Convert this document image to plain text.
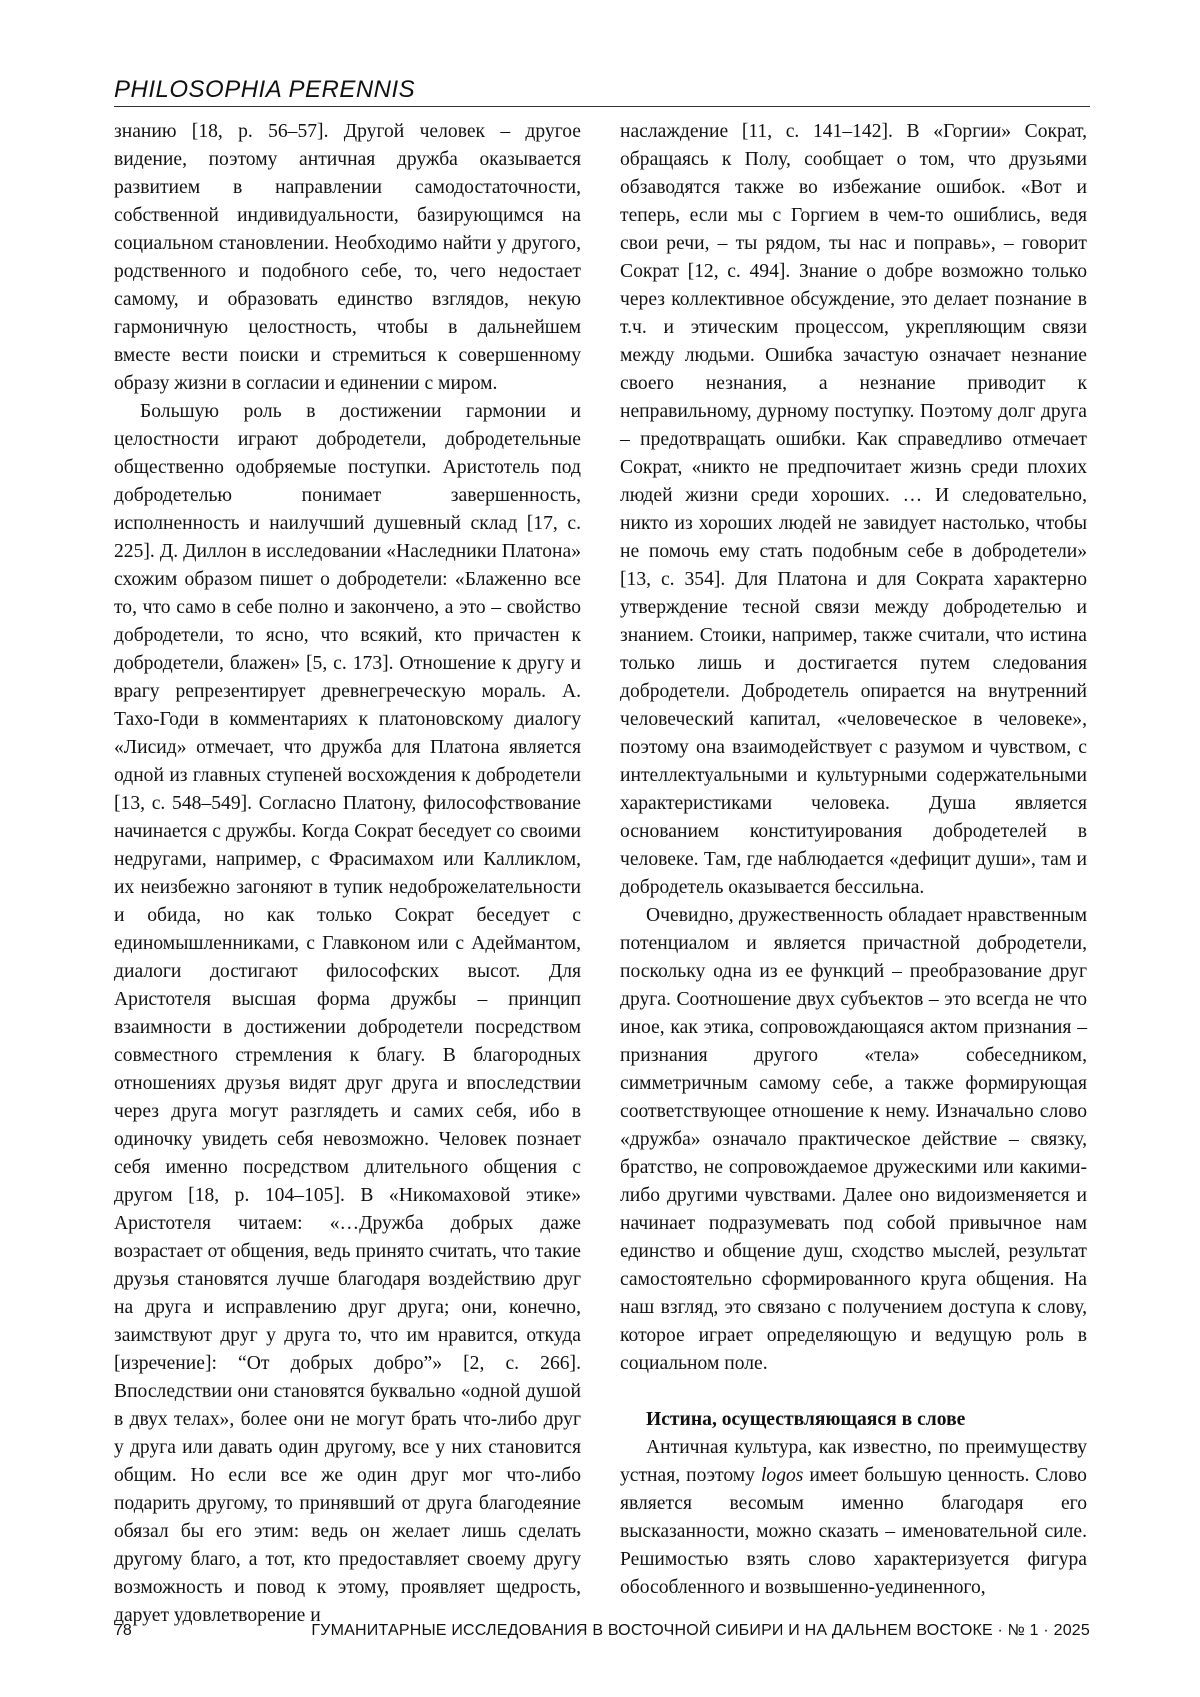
PHILOSOPHIA PERENNIS

знанию [18, p. 56–57]. Другой человек – другое видение, поэтому античная дружба оказывается развитием в направлении самодостаточности, собственной индивидуальности, базирующимся на социальном становлении. Необходимо найти у другого, родственного и подобного себе, то, чего недостает самому, и образовать единство взглядов, некую гармоничную целостность, чтобы в дальнейшем вместе вести поиски и стремиться к совершенному образу жизни в согласии и единении с миром.

Большую роль в достижении гармонии и целостности играют добродетели, добродетельные общественно одобряемые поступки. Аристотель под добродетелью понимает завершенность, исполненность и наилучший душевный склад [17, c. 225]. Д. Диллон в исследовании «Наследники Платона» схожим образом пишет о добродетели: «Блаженно все то, что само в себе полно и закончено, а это – свойство добродетели, то ясно, что всякий, кто причастен к добродетели, блажен» [5, c. 173]. Отношение к другу и врагу репрезентирует древнегреческую мораль. А. Тахо-Годи в комментариях к платоновскому диалогу «Лисид» отмечает, что дружба для Платона является одной из главных ступеней восхождения к добродетели [13, c. 548–549]. Согласно Платону, философствование начинается с дружбы. Когда Сократ беседует со своими недругами, например, с Фрасимахом или Калликлом, их неизбежно загоняют в тупик недоброжелательности и обида, но как только Сократ беседует с единомышленниками, с Главконом или с Адеймантом, диалоги достигают философских высот. Для Аристотеля высшая форма дружбы – принцип взаимности в достижении добродетели посредством совместного стремления к благу. В благородных отношениях друзья видят друг друга и впоследствии через друга могут разглядеть и самих себя, ибо в одиночку увидеть себя невозможно. Человек познает себя именно посредством длительного общения с другом [18, p. 104–105]. В «Никомаховой этике» Аристотеля читаем: «…Дружба добрых даже возрастает от общения, ведь принято считать, что такие друзья становятся лучше благодаря воздействию друг на друга и исправлению друг друга; они, конечно, заимствуют друг у друга то, что им нравится, откуда [изречение]: “От добрых добро”» [2, c. 266]. Впоследствии они становятся буквально «одной душой в двух телах», более они не могут брать что-либо друг у друга или давать один другому, все у них становится общим. Но если все же один друг мог что-либо подарить другому, то принявший от друга благодеяние обязал бы его этим: ведь он желает лишь сделать другому благо, а тот, кто предоставляет своему другу возможность и повод к этому, проявляет щедрость, дарует удовлетворение и

наслаждение [11, c. 141–142]. В «Горгии» Сократ, обращаясь к Полу, сообщает о том, что друзьями обзаводятся также во избежание ошибок. «Вот и теперь, если мы с Горгием в чем-то ошиблись, ведя свои речи, – ты рядом, ты нас и поправь», – говорит Сократ [12, c. 494]. Знание о добре возможно только через коллективное обсуждение, это делает познание в т.ч. и этическим процессом, укрепляющим связи между людьми. Ошибка зачастую означает незнание своего незнания, а незнание приводит к неправильному, дурному поступку. Поэтому долг друга – предотвращать ошибки. Как справедливо отмечает Сократ, «никто не предпочитает жизнь среди плохих людей жизни среди хороших. … И следовательно, никто из хороших людей не завидует настолько, чтобы не помочь ему стать подобным себе в добродетели» [13, c. 354]. Для Платона и для Сократа характерно утверждение тесной связи между добродетелью и знанием. Стоики, например, также считали, что истина только лишь и достигается путем следования добродетели. Добродетель опирается на внутренний человеческий капитал, «человеческое в человеке», поэтому она взаимодействует с разумом и чувством, с интеллектуальными и культурными содержательными характеристиками человека. Душа является основанием конституирования добродетелей в человеке. Там, где наблюдается «дефицит души», там и добродетель оказывается бессильна.

Очевидно, дружественность обладает нравственным потенциалом и является причастной добродетели, поскольку одна из ее функций – преобразование друг друга. Соотношение двух субъектов – это всегда не что иное, как этика, сопровождающаяся актом признания – признания другого «тела» собеседником, симметричным самому себе, а также формирующая соответствующее отношение к нему. Изначально слово «дружба» означало практическое действие – связку, братство, не сопровождаемое дружескими или какими-либо другими чувствами. Далее оно видоизменяется и начинает подразумевать под собой привычное нам единство и общение душ, сходство мыслей, результат самостоятельно сформированного круга общения. На наш взгляд, это связано с получением доступа к слову, которое играет определяющую и ведущую роль в социальном поле.

Истина, осуществляющаяся в слове

Античная культура, как известно, по преимуществу устная, поэтому logos имеет большую ценность. Слово является весомым именно благодаря его высказанности, можно сказать – именовательной силе. Решимостью взять слово характеризуется фигура обособленного и возвышенно-уединенного,

78	ГУМАНИТАРНЫЕ ИССЛЕДОВАНИЯ В ВОСТОЧНОЙ СИБИРИ И НА ДАЛЬНЕМ ВОСТОКЕ · № 1 · 2025
